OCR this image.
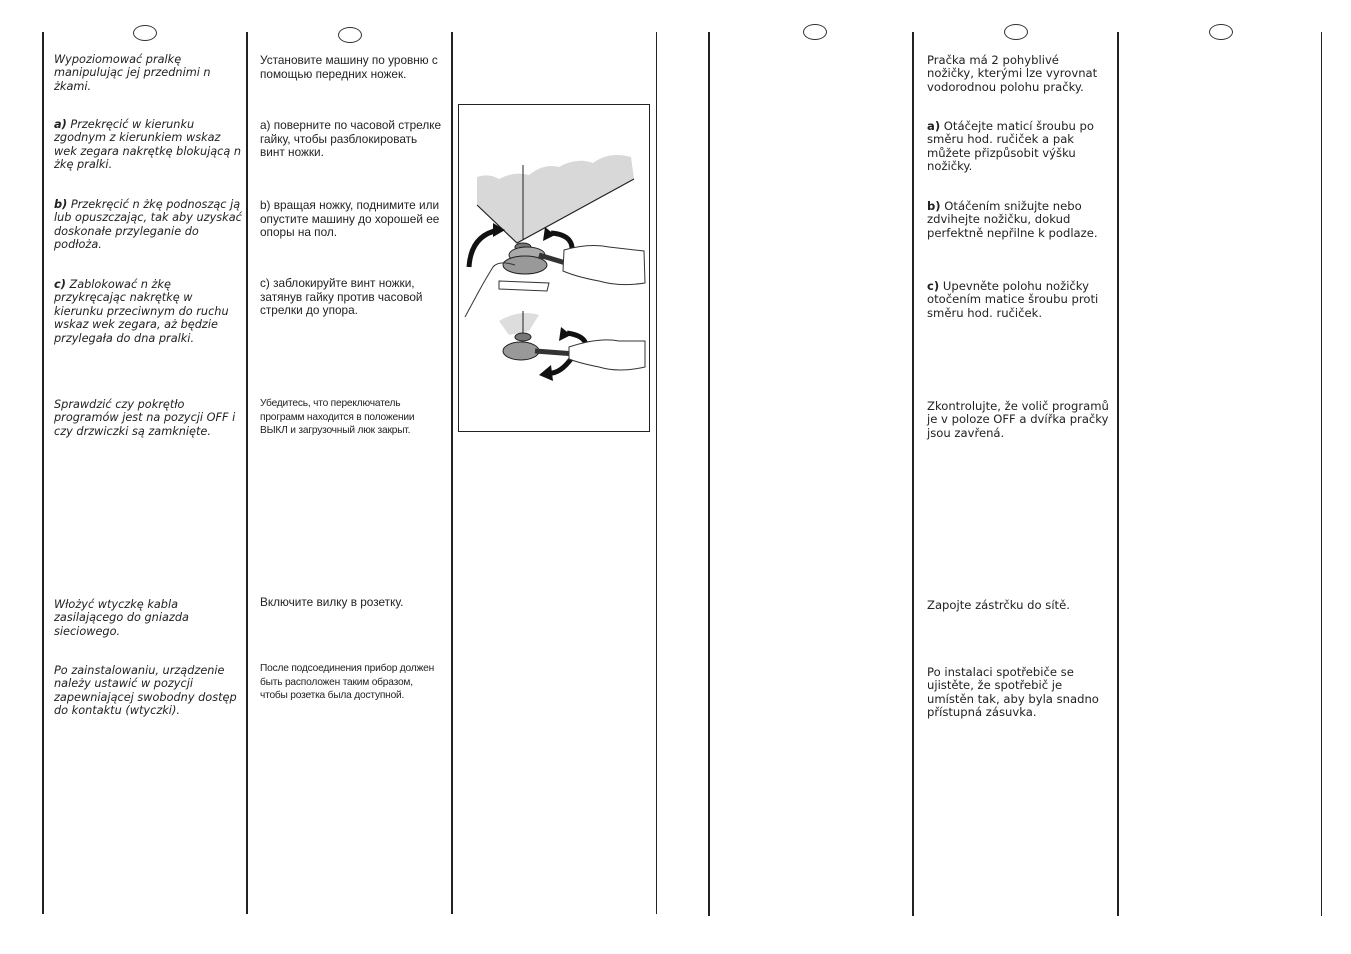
Wypoziomować pralkę manipulując jej przednimi n żkami.

a) Przekręcić w kierunku zgodnym z kierunkiem wskaz wek zegara nakrętkę blokującą n żkę pralki.

b) Przekręcić n żkę podnosząc ją lub opuszczając, tak aby uzyskać doskonałe przyleganie do podłoża.

c) Zablokować n żkę przykręcając nakrętkę w kierunku przeciwnym do ruchu wskaz wek zegara, aż będzie przylegała do dna pralki.

Sprawdzić czy pokrętło programów jest na pozycji OFF i czy drzwiczki są zamknięte.

Włożyć wtyczkę kabla zasilającego do gniazda sieciowego.

Po zainstalowaniu, urządzenie należy ustawić w pozycji zapewniającej swobodny dostęp do kontaktu (wtyczki).

Установите машину по уровню с помощью передних ножек.

a) поверните по часовой стрелке гайку, чтобы разблокировать винт ножки.

b) вращая ножку, поднимите или опустите машину до хорошей ее опоры на пол.

c) заблокируйте винт ножки, затянув гайку против часовой стрелки до упора.

Убедитесь, что переключатель программ находится в положении ВЫКЛ и загрузочный люк закрыт.

Включите вилку в розетку.

После подсоединения прибор должен быть расположен таким образом, чтобы розетка была доступной.

Pračka má 2 pohyblivé nožičky, kterými lze vyrovnat vodorodnou polohu pračky.

a) Otáčejte maticí šroubu po směru hod. ručiček a pak můžete přizpůsobit výšku nožičky.

b) Otáčením snižujte nebo zdvihejte nožičku, dokud perfektně nepřilne k podlaze.

c) Upevněte polohu nožičky otočením matice šroubu proti směru hod. ručiček.

Zkontrolujte, že volič programů je v poloze OFF a dvířka pračky jsou zavřená.

Zapojte zástrčku do sítě.

Po instalaci spotřebiče se ujistěte, že spotřebič je umístěn tak, aby byla snadno přístupná zásuvka.
